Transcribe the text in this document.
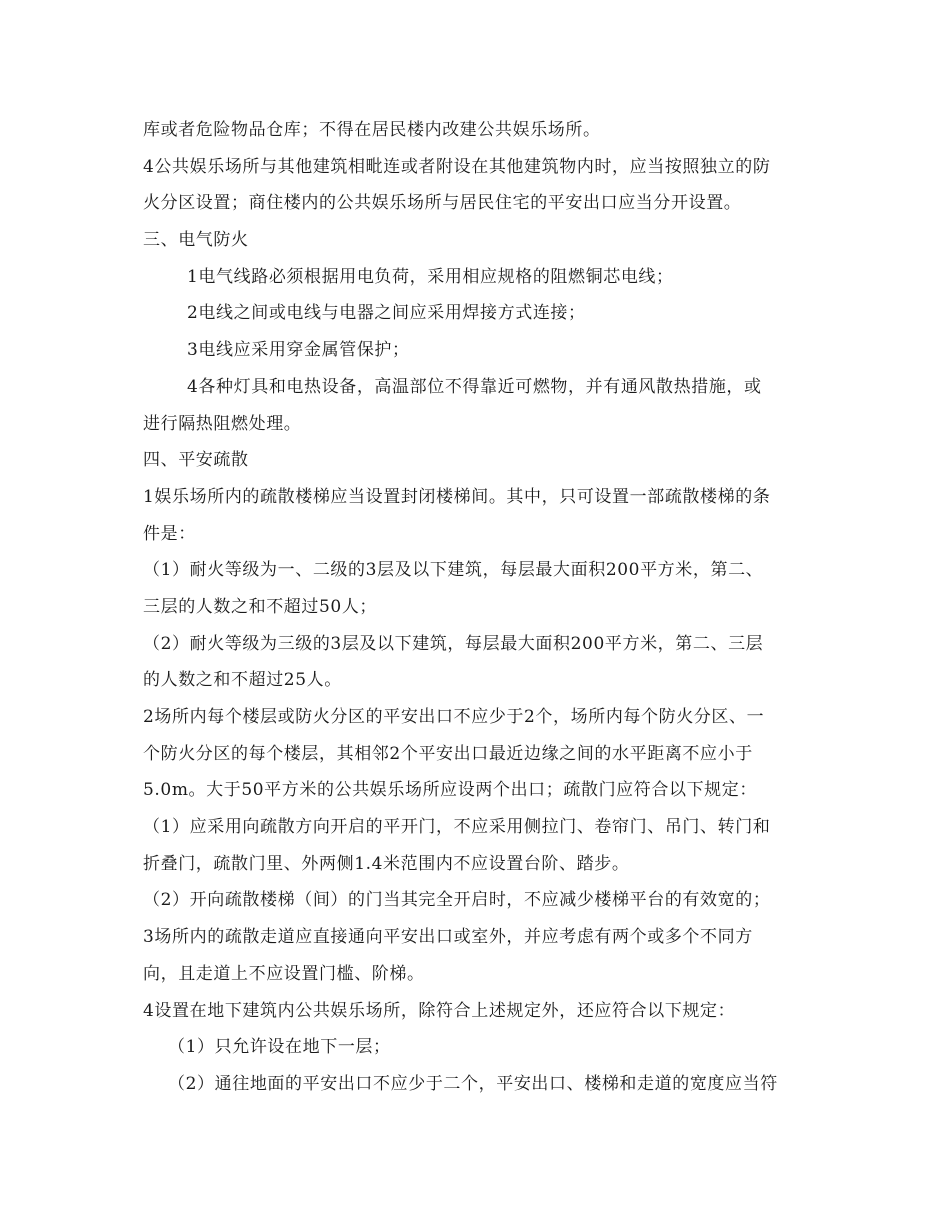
库或者危险物品仓库；不得在居民楼内改建公共娱乐场所。
4公共娱乐场所与其他建筑相毗连或者附设在其他建筑物内时，应当按照独立的防
火分区设置；商住楼内的公共娱乐场所与居民住宅的平安出口应当分开设置。
三、电气防火
1电气线路必须根据用电负荷，采用相应规格的阻燃铜芯电线；
2电线之间或电线与电器之间应采用焊接方式连接；
3电线应采用穿金属管保护；
4各种灯具和电热设备，高温部位不得靠近可燃物，并有通风散热措施，或
进行隔热阻燃处理。
四、平安疏散
1娱乐场所内的疏散楼梯应当设置封闭楼梯间。其中，只可设置一部疏散楼梯的条
件是：
（1）耐火等级为一、二级的3层及以下建筑，每层最大面积200平方米，第二、
三层的人数之和不超过50人；
（2）耐火等级为三级的3层及以下建筑，每层最大面积200平方米，第二、三层
的人数之和不超过25人。
2场所内每个楼层或防火分区的平安出口不应少于2个，场所内每个防火分区、一
个防火分区的每个楼层，其相邻2个平安出口最近边缘之间的水平距离不应小于
5.0m。大于50平方米的公共娱乐场所应设两个出口；疏散门应符合以下规定：
（1）应采用向疏散方向开启的平开门，不应采用侧拉门、卷帘门、吊门、转门和
折叠门，疏散门里、外两侧1.4米范围内不应设置台阶、踏步。
（2）开向疏散楼梯（间）的门当其完全开启时，不应减少楼梯平台的有效宽的；
3场所内的疏散走道应直接通向平安出口或室外，并应考虑有两个或多个不同方
向，且走道上不应设置门槛、阶梯。
4设置在地下建筑内公共娱乐场所，除符合上述规定外，还应符合以下规定：
（1）只允许设在地下一层；
（2）通往地面的平安出口不应少于二个，平安出口、楼梯和走道的宽度应当符
